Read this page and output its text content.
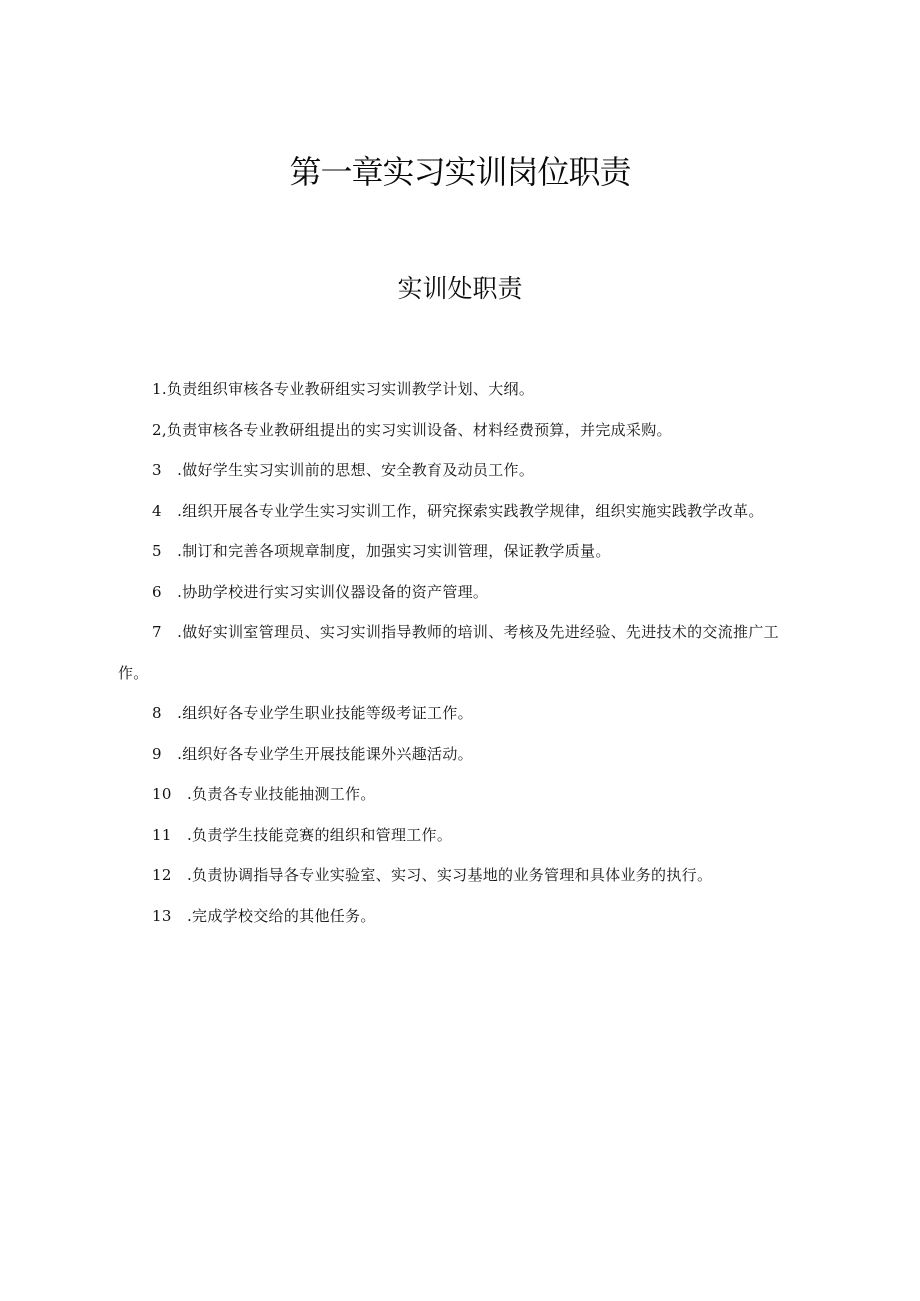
第一章实习实训岗位职责
实训处职责
1.负责组织审核各专业教研组实习实训教学计划、大纲。
2,负责审核各专业教研组提出的实习实训设备、材料经费预算，并完成采购。
3　.做好学生实习实训前的思想、安全教育及动员工作。
4　.组织开展各专业学生实习实训工作，研究探索实践教学规律，组织实施实践教学改革。
5　.制订和完善各项规章制度，加强实习实训管理，保证教学质量。
6　.协助学校进行实习实训仪器设备的资产管理。
7　.做好实训室管理员、实习实训指导教师的培训、考核及先进经验、先进技术的交流推广工作。
8　.组织好各专业学生职业技能等级考证工作。
9　.组织好各专业学生开展技能课外兴趣活动。
10　.负责各专业技能抽测工作。
11　.负责学生技能竞赛的组织和管理工作。
12　.负责协调指导各专业实验室、实习、实习基地的业务管理和具体业务的执行。
13　.完成学校交给的其他任务。
